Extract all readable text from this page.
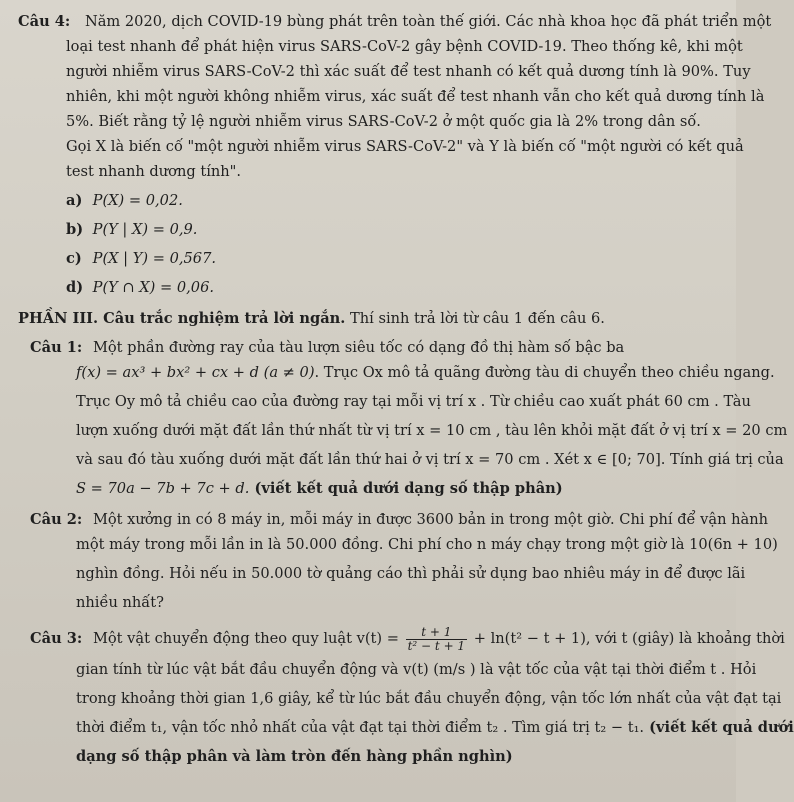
Câu 4: Năm 2020, dịch COVID-19 bùng phát trên toàn thế giới. Các nhà khoa học đã phát triển một
loại test nhanh để phát hiện virus SARS-CoV-2 gây bệnh COVID-19. Theo thống kê, khi một
người nhiễm virus SARS-CoV-2 thì xác suất để test nhanh có kết quả dương tính là 90%. Tuy
nhiên, khi một người không nhiễm virus, xác suất để test nhanh vẫn cho kết quả dương tính là
5%. Biết rằng tỷ lệ người nhiễm virus SARS-CoV-2 ở một quốc gia là 2% trong dân số.
Gọi X là biến cố "một người nhiễm virus SARS-CoV-2" và Y là biến cố "một người có kết quả
test nhanh dương tính".
a) P(X) = 0,02.
b) P(Y | X) = 0,9.
c) P(X | Y) = 0,567.
d) P(Y ∩ X) = 0,06.
PHẦN III. Câu trắc nghiệm trả lời ngắn. Thí sinh trả lời từ câu 1 đến câu 6.
Câu 1: Một phần đường ray của tàu lượn siêu tốc có dạng đồ thị hàm số bậc ba
f(x) = ax³ + bx² + cx + d (a ≠ 0). Trục Ox mô tả quãng đường tàu di chuyển theo chiều ngang.
Trục Oy mô tả chiều cao của đường ray tại mỗi vị trí x . Từ chiều cao xuất phát 60 cm . Tàu
lượn xuống dưới mặt đất lần thứ nhất từ vị trí x = 10 cm , tàu lên khỏi mặt đất ở vị trí x = 20 cm
và sau đó tàu xuống dưới mặt đất lần thứ hai ở vị trí x = 70 cm . Xét x ∈ [0; 70]. Tính giá trị của
S = 70a − 7b + 7c + d. (viết kết quả dưới dạng số thập phân)
Câu 2: Một xưởng in có 8 máy in, mỗi máy in được 3600 bản in trong một giờ. Chi phí để vận hành
một máy trong mỗi lần in là 50.000 đồng. Chi phí cho n máy chạy trong một giờ là 10(6n + 10)
nghìn đồng. Hỏi nếu in 50.000 tờ quảng cáo thì phải sử dụng bao nhiêu máy in để được lãi
nhiều nhất?
Câu 3: Một vật chuyển động theo quy luật $v(t) = \frac{t + 1}{\text{t² − t + 1}} + \ln(t^2 - t + 1)$, với t (giây) là khoảng thời
gian tính từ lúc vật bắt đầu chuyển động và v(t) (m/s ) là vật tốc của vật tại thời điểm t . Hỏi
trong khoảng thời gian 1,6 giây, kể từ lúc bắt đầu chuyển động, vận tốc lớn nhất của vật đạt tại
thời điểm t₁, vận tốc nhỏ nhất của vật đạt tại thời điểm t₂ . Tìm giá trị t₂ − t₁. (viết kết quả dưới
dạng số thập phân và làm tròn đến hàng phần nghìn)
